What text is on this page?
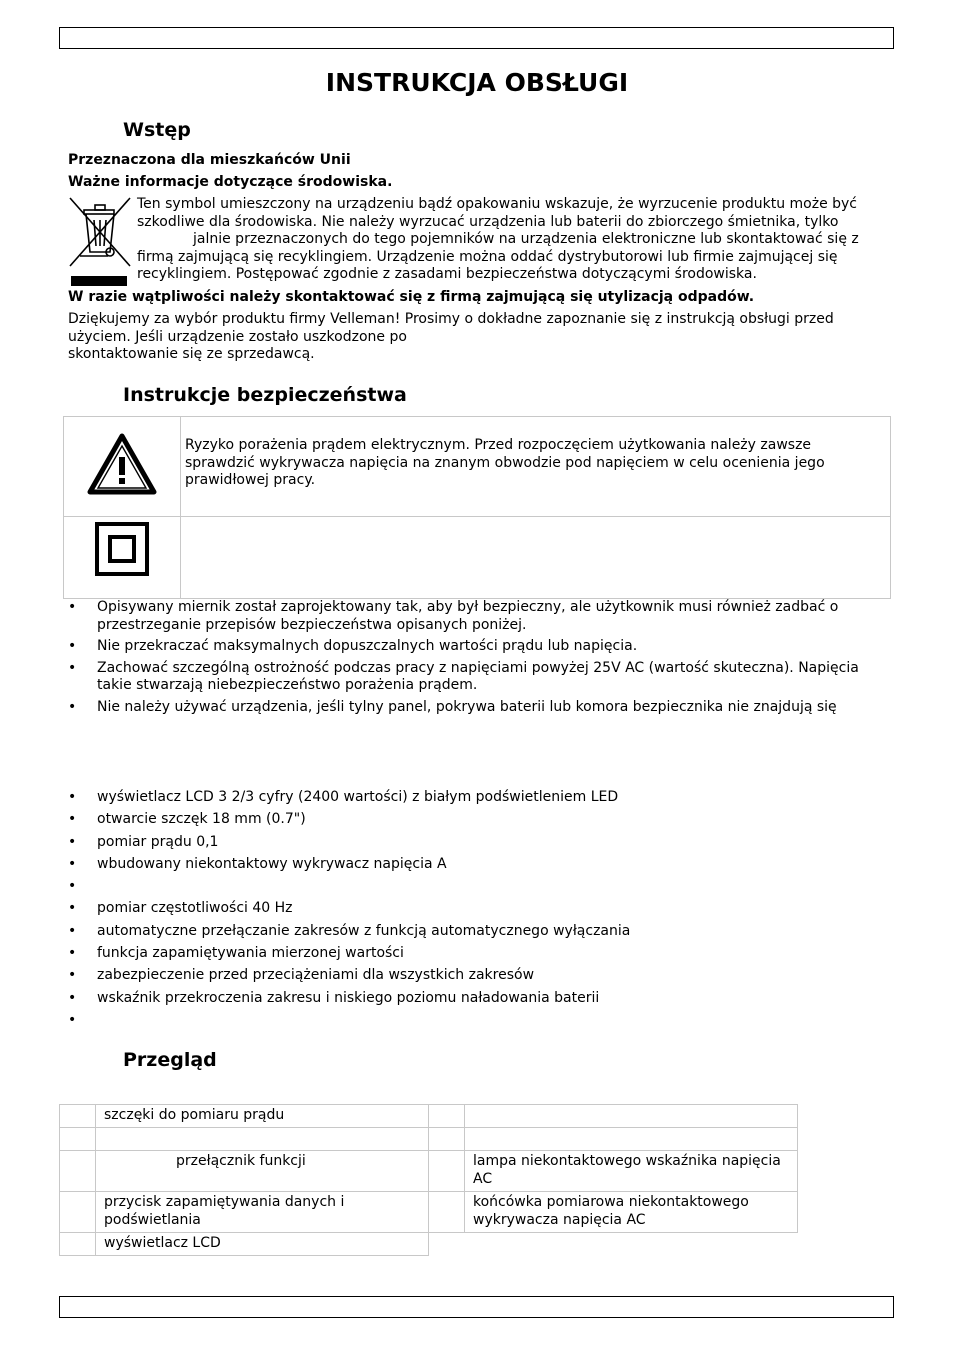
INSTRUKCJA OBSŁUGI
Wstęp
Przeznaczona dla mieszkańców Unii
Ważne informacje dotyczące środowiska.
Ten symbol umieszczony na urządzeniu bądź opakowaniu wskazuje, że wyrzucenie produktu może być
szkodliwe dla środowiska. Nie należy wyrzucać urządzenia lub baterii do zbiorczego śmietnika, tylko
jalnie przeznaczonych do tego pojemników na urządzenia elektroniczne lub skontaktować się z
firmą zajmującą się recyklingiem. Urządzenie można oddać dystrybutorowi lub firmie zajmującej się
recyklingiem. Postępować zgodnie z zasadami bezpieczeństwa dotyczącymi środowiska.
W razie wątpliwości należy skontaktować się z firmą zajmującą się utylizacją odpadów.
Dziękujemy za wybór produktu firmy Velleman! Prosimy o dokładne zapoznanie się z instrukcją obsługi przed
użyciem. Jeśli urządzenie zostało uszkodzone po
skontaktowanie się ze sprzedawcą.
Instrukcje bezpieczeństwa

Ryzyko porażenia prądem elektrycznym. Przed rozpoczęciem użytkowania należy zawsze
sprawdzić wykrywacza napięcia na znanym obwodzie pod napięciem w celu ocenienia jego
prawidłowej pracy.

• Opisywany miernik został zaprojektowany tak, aby był bezpieczny, ale użytkownik musi również zadbać o
przestrzeganie przepisów bezpieczeństwa opisanych poniżej.
• Nie przekraczać maksymalnych dopuszczalnych wartości prądu lub napięcia.
• Zachować szczególną ostrożność podczas pracy z napięciami powyżej 25V AC (wartość skuteczna). Napięcia
takie stwarzają niebezpieczeństwo porażenia prądem.
• Nie należy używać urządzenia, jeśli tylny panel, pokrywa baterii lub komora bezpiecznika nie znajdują się
• wyświetlacz LCD 3 2/3 cyfry (2400 wartości) z białym podświetleniem LED
• otwarcie szczęk 18 mm (0.7")
• pomiar prądu 0,1
• wbudowany niekontaktowy wykrywacz napięcia A
•
• pomiar częstotliwości 40 Hz
• automatyczne przełączanie zakresów z funkcją automatycznego wyłączania
• funkcja zapamiętywania mierzonej wartości
• zabezpieczenie przed przeciążeniami dla wszystkich zakresów
• wskaźnik przekroczenia zakresu i niskiego poziomu naładowania baterii
•
Przegląd
	szczęki do pomiaru prądu		

	przełącznik funkcji		lampa niekontaktowego wskaźnika napięcia AC
	przycisk zapamiętywania danych i podświetlania		końcówka pomiarowa niekontaktowego wykrywacza napięcia AC
	wyświetlacz LCD		
